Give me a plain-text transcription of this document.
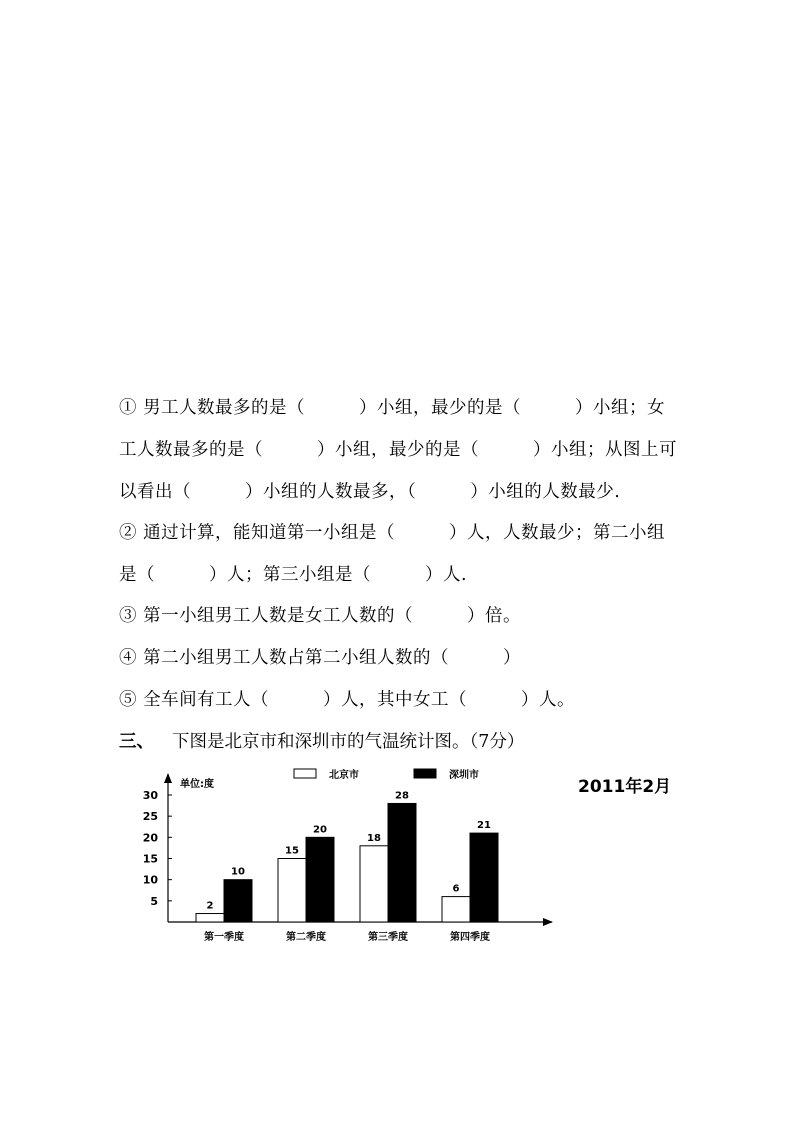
① 男工人数最多的是（　　　）小组，最少的是（　　　）小组；女
工人数最多的是（　　　）小组，最少的是（　　　）小组；从图上可
以看出（　　　）小组的人数最多，（　　　）小组的人数最少.
② 通过计算，能知道第一小组是（　　　）人，人数最少；第二小组
是（　　　）人；第三小组是（　　　）人.
③ 第一小组男工人数是女工人数的（　　　）倍。
④ 第二小组男工人数占第二小组人数的（　　　）
⑤ 全车间有工人（　　　）人，其中女工（　　　）人。
三、 下图是北京市和深圳市的气温统计图。（7分）
2011年2月
单位:度
5
10
15
20
25
30
2
10
第一季度
15
20
第二季度
18
28
第三季度
6
21
第四季度
北京市	深圳市
